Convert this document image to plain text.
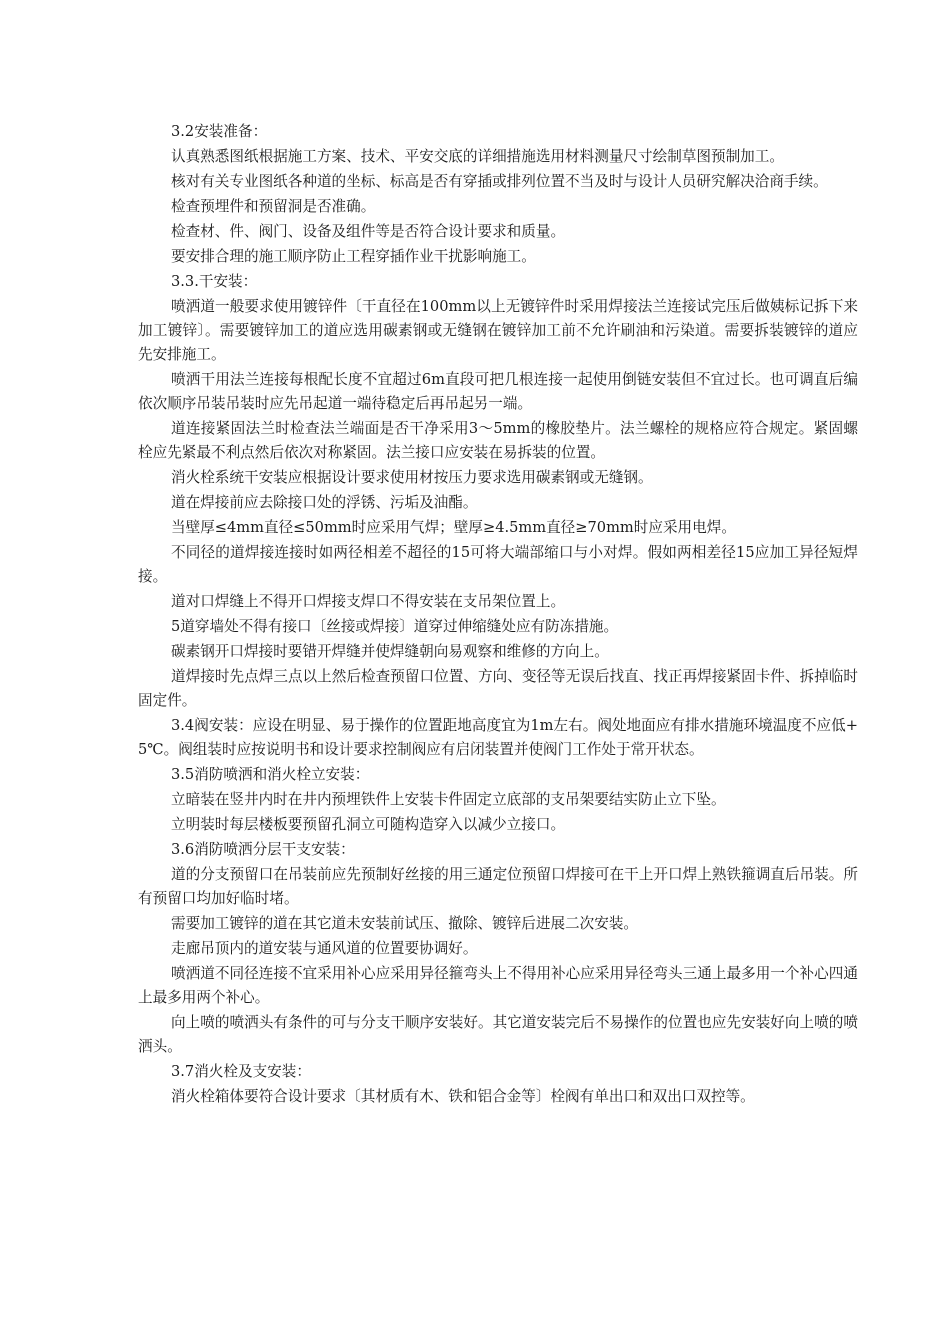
3.2安装准备：

认真熟悉图纸根据施工方案、技术、平安交底的详细措施选用材料测量尺寸绘制草图预制加工。

核对有关专业图纸各种道的坐标、标高是否有穿插或排列位置不当及时与设计人员研究解决洽商手续。

检查预埋件和预留洞是否准确。

检查材、件、阀门、设备及组件等是否符合设计要求和质量。

要安排合理的施工顺序防止工程穿插作业干扰影响施工。

3.3.干安装：

喷洒道一般要求使用镀锌件〔干直径在100mm以上无镀锌件时采用焊接法兰连接试完压后做姨标记拆下来加工镀锌〕。需要镀锌加工的道应选用碳素钢或无缝钢在镀锌加工前不允许刷油和污染道。需要拆装镀锌的道应先安排施工。

喷洒干用法兰连接每根配长度不宜超过6m直段可把几根连接一起使用倒链安装但不宜过长。也可调直后编依次顺序吊装吊装时应先吊起道一端待稳定后再吊起另一端。

道连接紧固法兰时检查法兰端面是否干净采用3～5mm的橡胶垫片。法兰螺栓的规格应符合规定。紧固螺栓应先紧最不利点然后依次对称紧固。法兰接口应安装在易拆装的位置。

消火栓系统干安装应根据设计要求使用材按压力要求选用碳素钢或无缝钢。

道在焊接前应去除接口处的浮锈、污垢及油酯。

当壁厚≤4mm直径≤50mm时应采用气焊；壁厚≥4.5mm直径≥70mm时应采用电焊。

不同径的道焊接连接时如两径相差不超径的15可将大端部缩口与小对焊。假如两相差径15应加工异径短焊接。

道对口焊缝上不得开口焊接支焊口不得安装在支吊架位置上。

5道穿墙处不得有接口〔丝接或焊接〕道穿过伸缩缝处应有防冻措施。

碳素钢开口焊接时要错开焊缝并使焊缝朝向易观察和维修的方向上。

道焊接时先点焊三点以上然后检查预留口位置、方向、变径等无误后找直、找正再焊接紧固卡件、拆掉临时固定件。

3.4阀安装：应设在明显、易于操作的位置距地高度宜为1m左右。阀处地面应有排水措施环境温度不应低+5℃。阀组装时应按说明书和设计要求控制阀应有启闭装置并使阀门工作处于常开状态。

3.5消防喷洒和消火栓立安装：

立暗装在竖井内时在井内预埋铁件上安装卡件固定立底部的支吊架要结实防止立下坠。

立明装时每层楼板要预留孔洞立可随构造穿入以减少立接口。

3.6消防喷洒分层干支安装：

道的分支预留口在吊装前应先预制好丝接的用三通定位预留口焊接可在干上开口焊上熟铁箍调直后吊装。所有预留口均加好临时堵。

需要加工镀锌的道在其它道未安装前试压、撤除、镀锌后进展二次安装。

走廊吊顶内的道安装与通风道的位置要协调好。

喷洒道不同径连接不宜采用补心应采用异径箍弯头上不得用补心应采用异径弯头三通上最多用一个补心四通上最多用两个补心。

向上喷的喷洒头有条件的可与分支干顺序安装好。其它道安装完后不易操作的位置也应先安装好向上喷的喷洒头。

3.7消火栓及支安装：

消火栓箱体要符合设计要求〔其材质有木、铁和铝合金等〕栓阀有单出口和双出口双控等。
